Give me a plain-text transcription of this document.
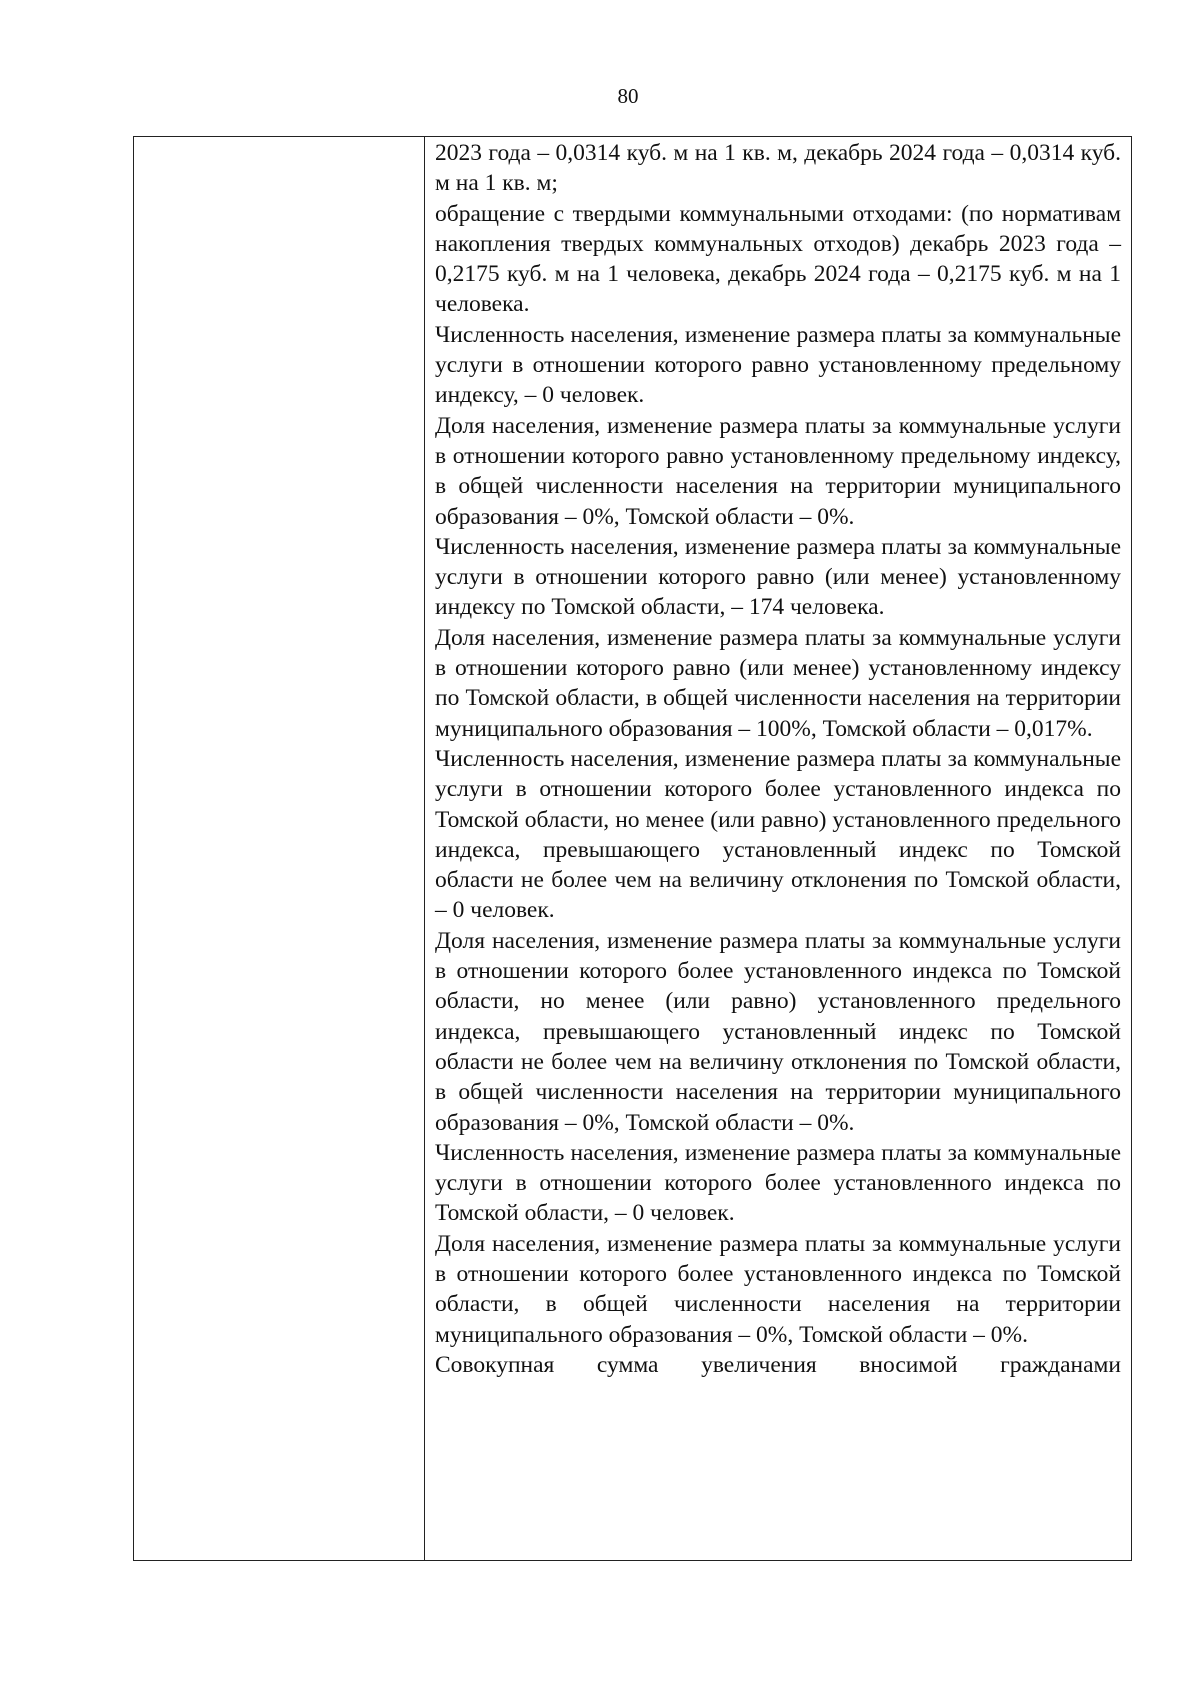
80

2023 года – 0,0314 куб. м на 1 кв. м, декабрь 2024 года – 0,0314 куб. м на 1 кв. м;

обращение с твердыми коммунальными отходами: (по нормативам накопления твердых коммунальных отходов) декабрь 2023 года – 0,2175 куб. м на 1 человека, декабрь 2024 года – 0,2175 куб. м на 1 человека.

Численность населения, изменение размера платы за коммунальные услуги в отношении которого равно установленному предельному индексу, – 0 человек.

Доля населения, изменение размера платы за коммунальные услуги в отношении которого равно установленному предельному индексу, в общей численности населения на территории муниципального образования – 0%, Томской области – 0%.

Численность населения, изменение размера платы за коммунальные услуги в отношении которого равно (или менее) установленному индексу по Томской области, – 174 человека.

Доля населения, изменение размера платы за коммунальные услуги в отношении которого равно (или менее) установленному индексу по Томской области, в общей численности населения на территории муниципального образования – 100%, Томской области – 0,017%.

Численность населения, изменение размера платы за коммунальные услуги в отношении которого более установленного индекса по Томской области, но менее (или равно) установленного предельного индекса, превышающего установленный индекс по Томской области не более чем на величину отклонения по Томской области, – 0 человек.

Доля населения, изменение размера платы за коммунальные услуги в отношении которого более установленного индекса по Томской области, но менее (или равно) установленного предельного индекса, превышающего установленный индекс по Томской области не более чем на величину отклонения по Томской области, в общей численности населения на территории муниципального образования – 0%, Томской области – 0%.

Численность населения, изменение размера платы за коммунальные услуги в отношении которого более установленного индекса по Томской области, – 0 человек.

Доля населения, изменение размера платы за коммунальные услуги в отношении которого более установленного индекса по Томской области, в общей численности населения на территории муниципального образования – 0%, Томской области – 0%.

Совокупная сумма увеличения вносимой гражданами
